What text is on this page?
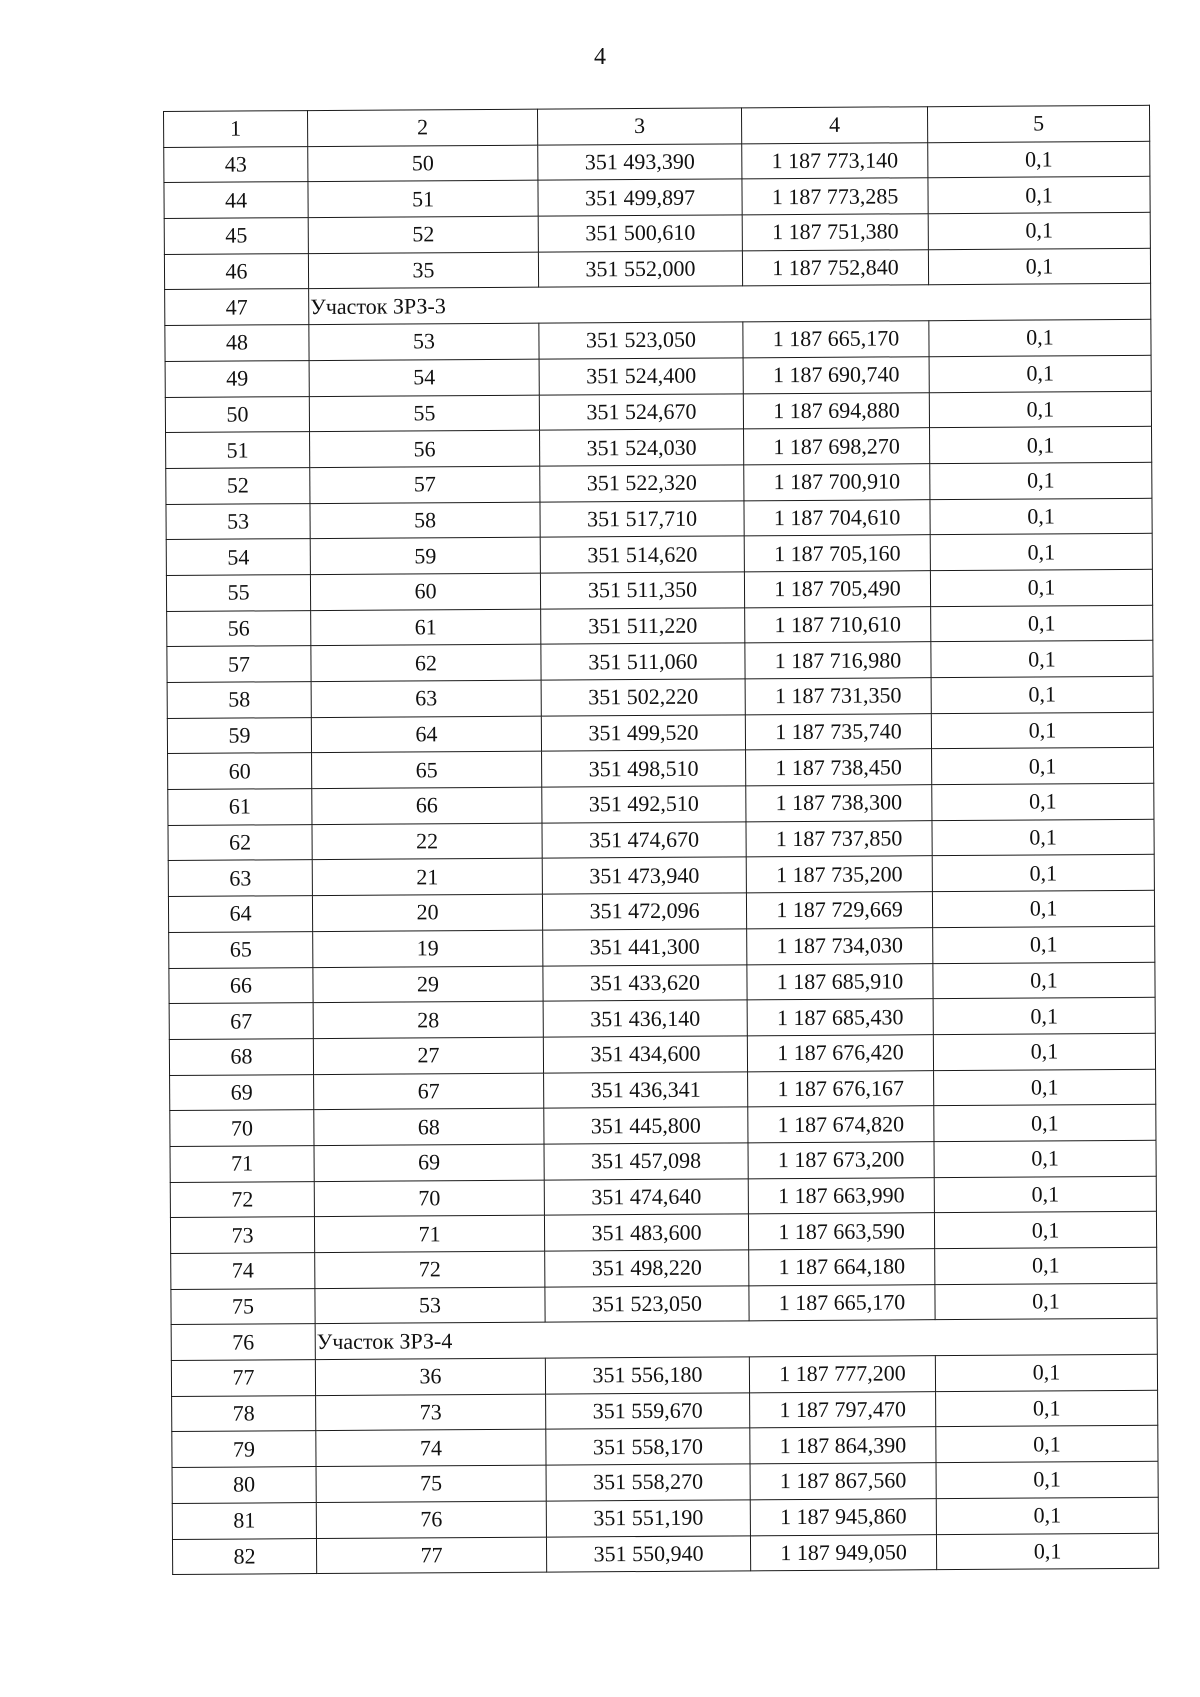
4
1	2	3	4	5
43	50	351 493,390	1 187 773,140	0,1
44	51	351 499,897	1 187 773,285	0,1
45	52	351 500,610	1 187 751,380	0,1
46	35	351 552,000	1 187 752,840	0,1
47	Участок ЗРЗ-3			
48	53	351 523,050	1 187 665,170	0,1
49	54	351 524,400	1 187 690,740	0,1
50	55	351 524,670	1 187 694,880	0,1
51	56	351 524,030	1 187 698,270	0,1
52	57	351 522,320	1 187 700,910	0,1
53	58	351 517,710	1 187 704,610	0,1
54	59	351 514,620	1 187 705,160	0,1
55	60	351 511,350	1 187 705,490	0,1
56	61	351 511,220	1 187 710,610	0,1
57	62	351 511,060	1 187 716,980	0,1
58	63	351 502,220	1 187 731,350	0,1
59	64	351 499,520	1 187 735,740	0,1
60	65	351 498,510	1 187 738,450	0,1
61	66	351 492,510	1 187 738,300	0,1
62	22	351 474,670	1 187 737,850	0,1
63	21	351 473,940	1 187 735,200	0,1
64	20	351 472,096	1 187 729,669	0,1
65	19	351 441,300	1 187 734,030	0,1
66	29	351 433,620	1 187 685,910	0,1
67	28	351 436,140	1 187 685,430	0,1
68	27	351 434,600	1 187 676,420	0,1
69	67	351 436,341	1 187 676,167	0,1
70	68	351 445,800	1 187 674,820	0,1
71	69	351 457,098	1 187 673,200	0,1
72	70	351 474,640	1 187 663,990	0,1
73	71	351 483,600	1 187 663,590	0,1
74	72	351 498,220	1 187 664,180	0,1
75	53	351 523,050	1 187 665,170	0,1
76	Участок ЗРЗ-4			
77	36	351 556,180	1 187 777,200	0,1
78	73	351 559,670	1 187 797,470	0,1
79	74	351 558,170	1 187 864,390	0,1
80	75	351 558,270	1 187 867,560	0,1
81	76	351 551,190	1 187 945,860	0,1
82	77	351 550,940	1 187 949,050	0,1
